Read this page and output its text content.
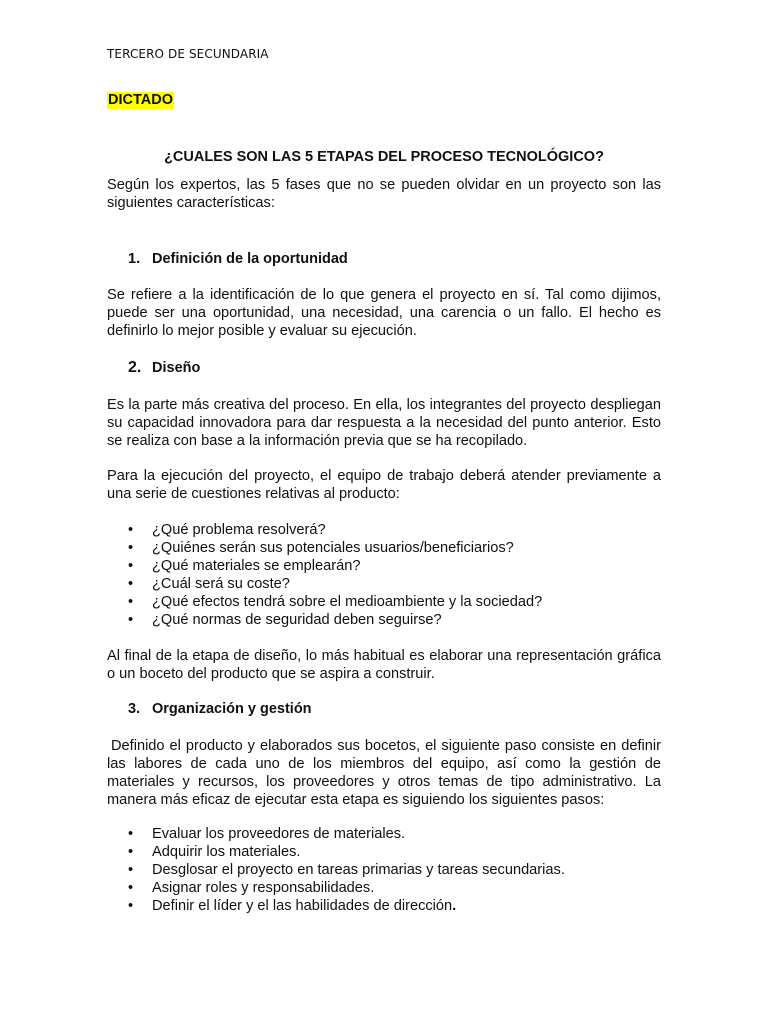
TERCERO DE SECUNDARIA
DICTADO
¿CUALES SON LAS 5 ETAPAS DEL PROCESO TECNOLÓGICO?
Según los expertos, las 5 fases que no se pueden olvidar en un proyecto son las siguientes características:
1. Definición de la oportunidad
Se refiere a la identificación de lo que genera el proyecto en sí. Tal como dijimos, puede ser una oportunidad, una necesidad, una carencia o un fallo. El hecho es definirlo lo mejor posible y evaluar su ejecución.
2. Diseño
Es la parte más creativa del proceso. En ella, los integrantes del proyecto despliegan su capacidad innovadora para dar respuesta a la necesidad del punto anterior. Esto se realiza con base a la información previa que se ha recopilado.
Para la ejecución del proyecto, el equipo de trabajo deberá atender previamente a una serie de cuestiones relativas al producto:
• ¿Qué problema resolverá?
• ¿Quiénes serán sus potenciales usuarios/beneficiarios?
• ¿Qué materiales se emplearán?
• ¿Cuál será su coste?
• ¿Qué efectos tendrá sobre el medioambiente y la sociedad?
• ¿Qué normas de seguridad deben seguirse?
Al final de la etapa de diseño, lo más habitual es elaborar una representación gráfica o un boceto del producto que se aspira a construir.
3. Organización y gestión
Definido el producto y elaborados sus bocetos, el siguiente paso consiste en definir las labores de cada uno de los miembros del equipo, así como la gestión de materiales y recursos, los proveedores y otros temas de tipo administrativo. La manera más eficaz de ejecutar esta etapa es siguiendo los siguientes pasos:
• Evaluar los proveedores de materiales.
• Adquirir los materiales.
• Desglosar el proyecto en tareas primarias y tareas secundarias.
• Asignar roles y responsabilidades.
• Definir el líder y el las habilidades de dirección.
